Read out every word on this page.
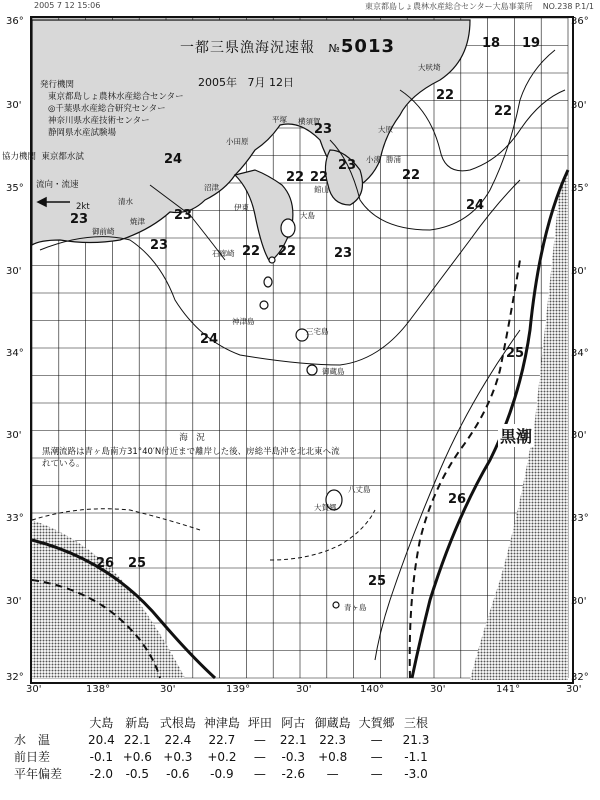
2005 7 12 15:06	東京都島しょ農林水産総合センター大島事業所 NO.238 P.1/1
36°
30'
35°
30'
34°
30'
33°
30'
32°
36°
30'
35°
30'
34°
30'
33°
30'
32°
30'	138°	30'	139°	30'	140°	30'	141°	30'
一都三県漁海況速報 №5013
2005年 7月 12日
発行機関
東京都島しょ農林水産総合センター
◎千葉県水産総合研究センター
神奈川県水産技術センター
静岡県水産試験場
協力機関 東京都水試
流向・流速
2kt
海　況
黒潮流路は青ヶ島南方31°40′N付近まで離岸した後、房総半島沖を北北東へ流れている。
黒潮
18 19
22
22
23
22
22
23
24
23
22 22	23
24
23
22
23
24
25
26
26 25
25
大吠埼
平塚 横須賀
小田原
館山
小湊 勝浦
大原
沼津
伊東
大島
清水
御前崎
焼津
石廊崎
神津島
三宅島
御蔵島
八丈島
大賀郷
青ヶ島
	大島	新島	式根島	神津島	坪田	阿古	御蔵島	大賀郷	三根
水　温	20.4	22.1	22.4	22.7	—	22.1	22.3	—	21.3
前日差	-0.1	+0.6	+0.3	+0.2	—	-0.3	+0.8	—	-1.1
平年偏差	-2.0	-0.5	-0.6	-0.9	—	-2.6	—	—	-3.0
